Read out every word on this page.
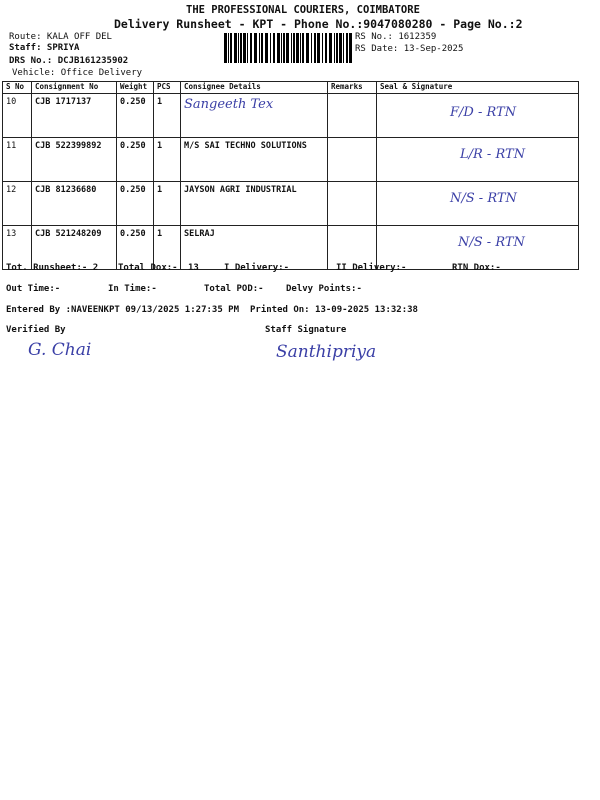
THE PROFESSIONAL COURIERS, COIMBATORE
Delivery Runsheet - KPT - Phone No.:9047080280 - Page No.:2
Route: KALA OFF DEL
Staff: SPRIYA
DRS No.: DCJB161235902
Vehicle: Office Delivery
RS No.: 1612359
RS Date: 13-Sep-2025
S No	Consignment No	Weight	PCS	Consignee Details	Remarks	Seal & Signature
10	CJB 1717137	0.250	1	Sangeeth Tex		F/D - RTN
11	CJB 522399892	0.250	1	M/S SAI TECHNO SOLUTIONS		L/R - RTN
12	CJB 81236680	0.250	1	JAYSON AGRI INDUSTRIAL		N/S - RTN
13	CJB 521248209	0.250	1	SELRAJ		N/S - RTN
Tot. Runsheet:- 2 Total Dox:- 13	I Delivery:-	II Delivery:-	RTN Dox:-
Out Time:-	In Time:-	Total POD:- Delvy Points:-
Entered By :NAVEENKPT 09/13/2025 1:27:35 PM Printed On: 13-09-2025 13:32:38
Verified By
G. Chai
Staff Signature
Santhipriya
